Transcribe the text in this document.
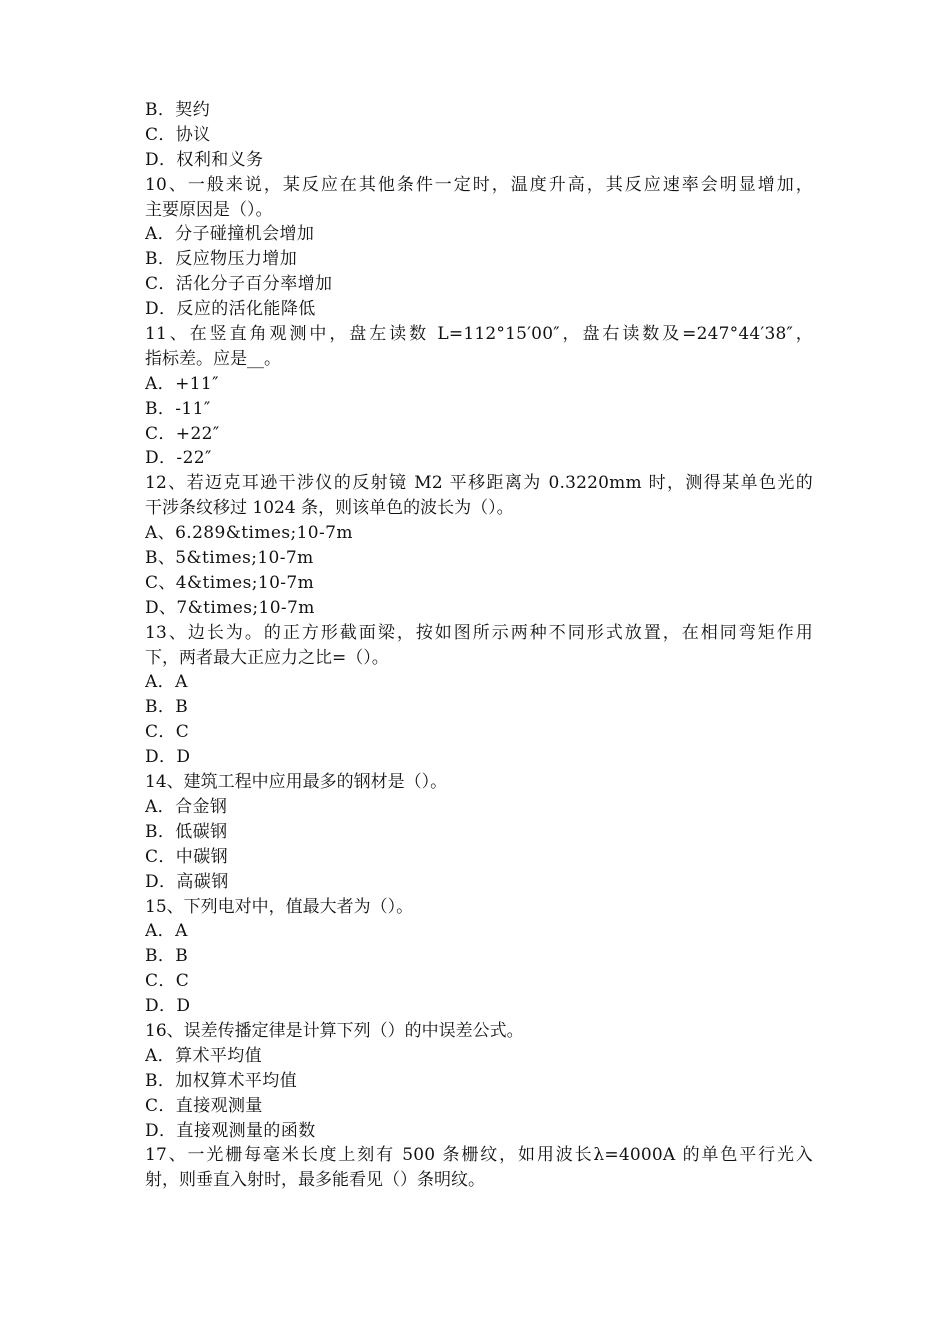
B．契约
C．协议
D．权利和义务
10、一般来说，某反应在其他条件一定时，温度升高，其反应速率会明显增加，
主要原因是（）。
A．分子碰撞机会增加
B．反应物压力增加
C．活化分子百分率增加
D．反应的活化能降低
11、在竖直角观测中，盘左读数 L=112°15′00″，盘右读数及=247°44′38″，
指标差。应是__。
A．+11″
B．-11″
C．+22″
D．-22″
12、若迈克耳逊干涉仪的反射镜 M2 平移距离为 0.3220mm 时，测得某单色光的
干涉条纹移过 1024 条，则该单色的波长为（）。
A、6.289&times;10-7m
B、5&times;10-7m
C、4&times;10-7m
D、7&times;10-7m
13、边长为。的正方形截面梁，按如图所示两种不同形式放置，在相同弯矩作用
下，两者最大正应力之比=（）。
A．A
B．B
C．C
D．D
14、建筑工程中应用最多的钢材是（）。
A．合金钢
B．低碳钢
C．中碳钢
D．高碳钢
15、下列电对中，值最大者为（）。
A．A
B．B
C．C
D．D
16、误差传播定律是计算下列（）的中误差公式。
A．算术平均值
B．加权算术平均值
C．直接观测量
D．直接观测量的函数
17、一光栅每毫米长度上刻有 500 条栅纹，如用波长λ=4000A 的单色平行光入
射，则垂直入射时，最多能看见（）条明纹。
